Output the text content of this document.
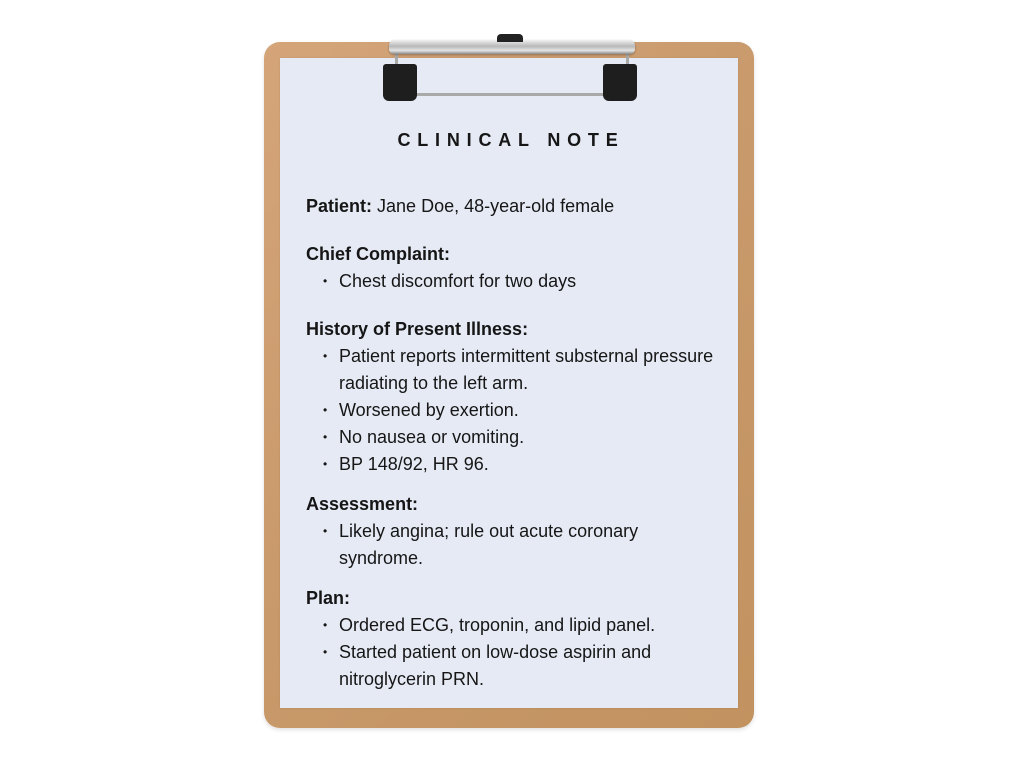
CLINICAL NOTE
Patient: Jane Doe, 48-year-old female
Chief Complaint:
• Chest discomfort for two days
History of Present Illness:
• Patient reports intermittent substernal pressure radiating to the left arm.
• Worsened by exertion.
• No nausea or vomiting.
• BP 148/92, HR 96.
Assessment:
• Likely angina; rule out acute coronary syndrome.
Plan:
• Ordered ECG, troponin, and lipid panel.
• Started patient on low-dose aspirin and nitroglycerin PRN.
